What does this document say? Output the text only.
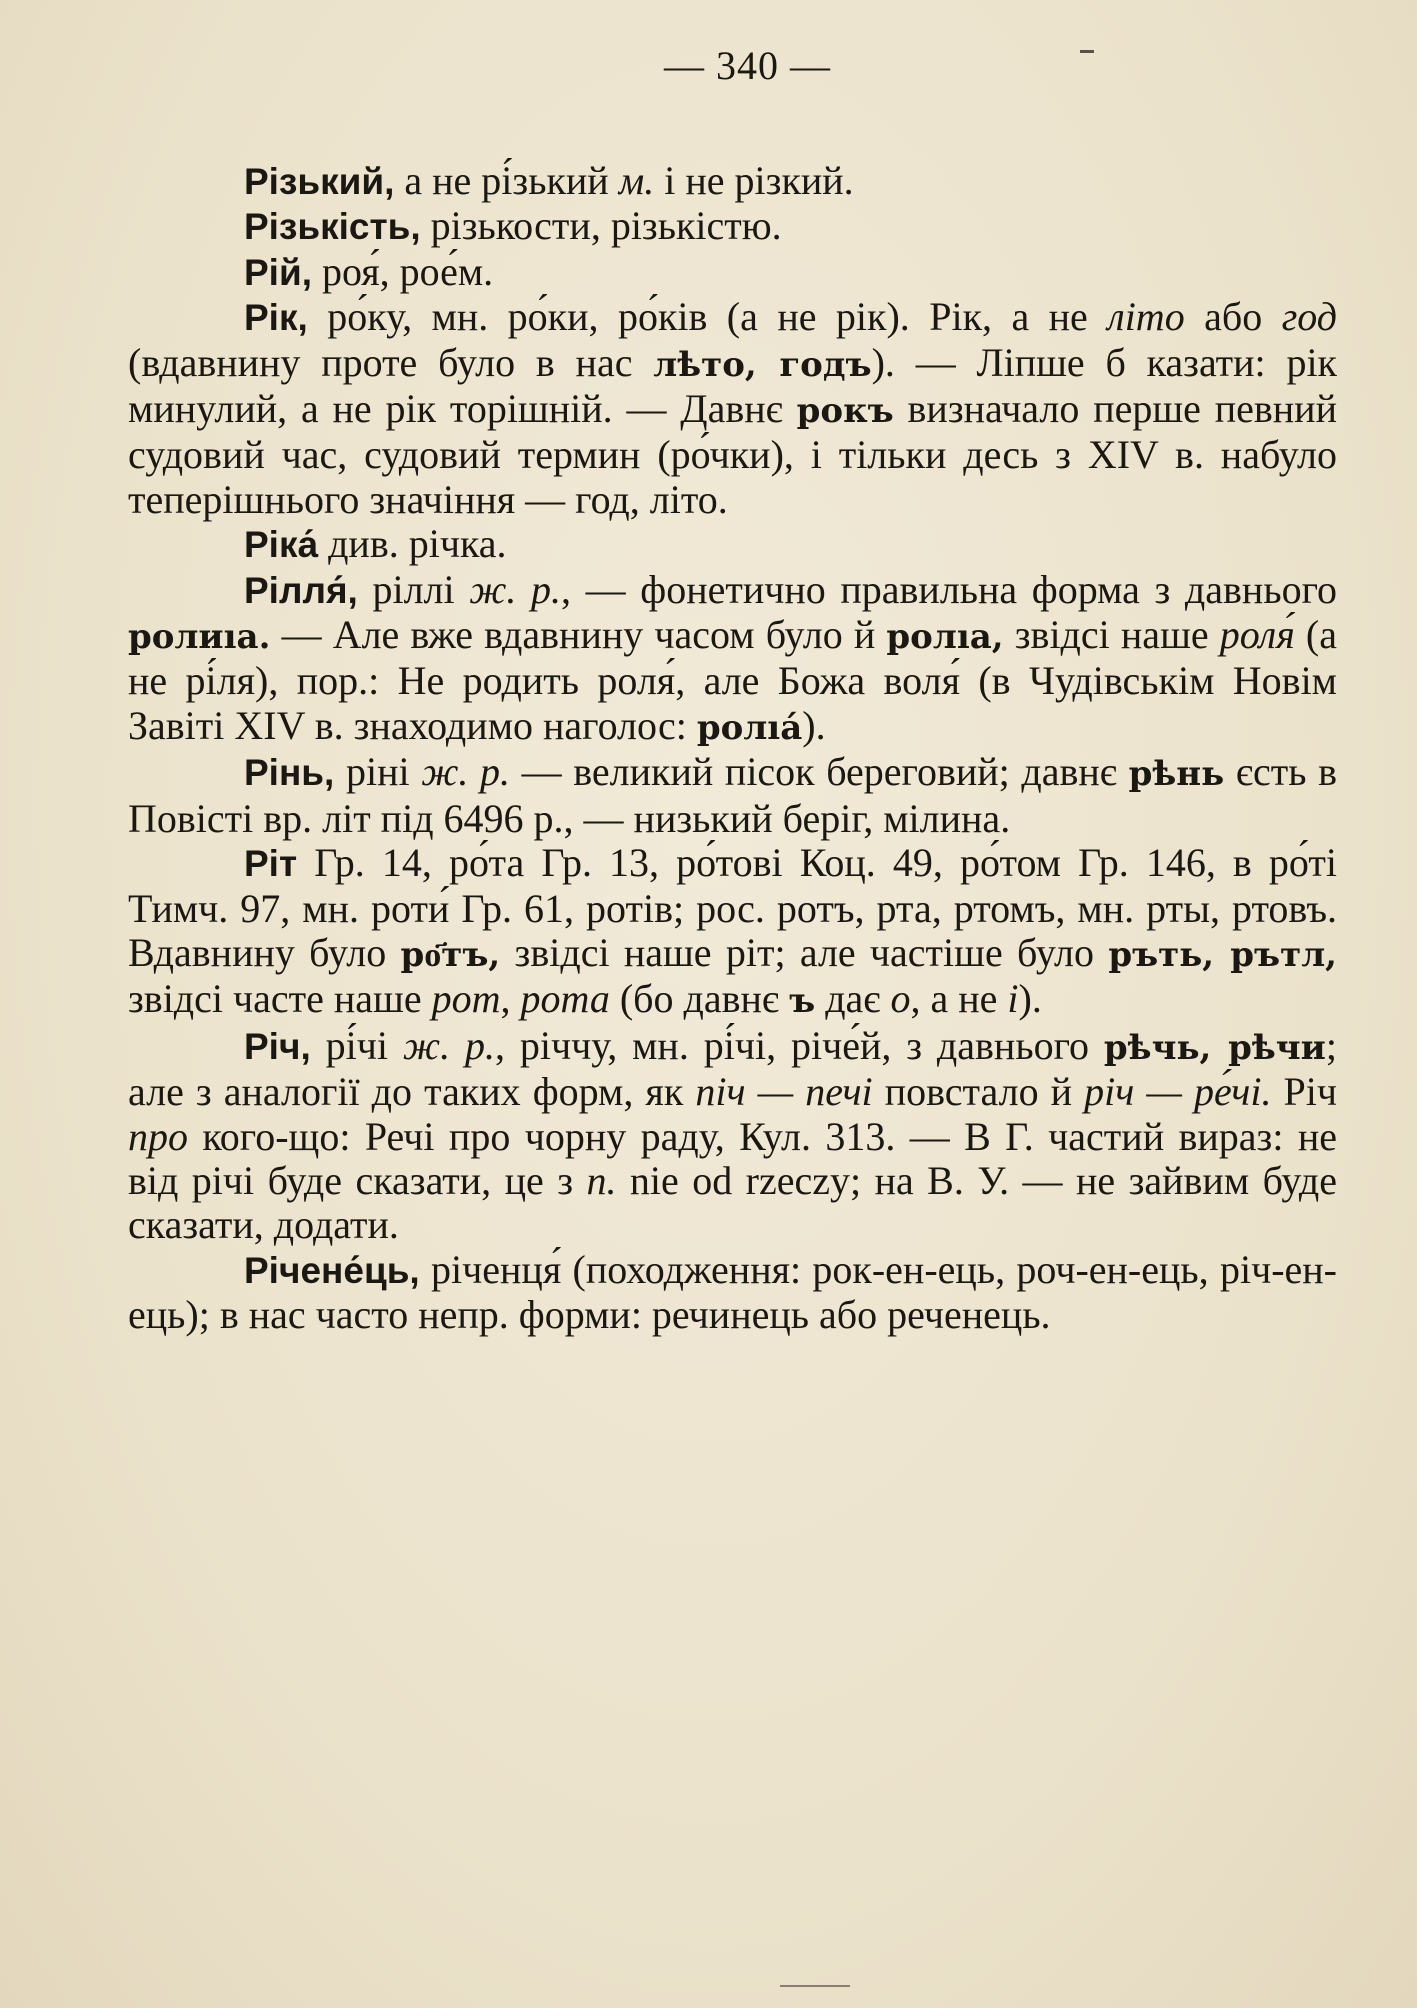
— 340 —

Різький, а не рі́зький м. і не різкий.

Різькість, різькости, різькістю.

Рій, роя́, рое́м.

Рік, ро́ку, мн. ро́ки, ро́ків (а не рік). Рік, а не літо або год (вдавнину проте було в нас лѣто, годъ). — Ліпше б казати: рік минулий, а не рік торішній. — Давнє рокъ визначало перше певний судовий час, судовий термин (ро́чки), і тільки десь з XIV в. набуло теперішнього значіння — год, літо.

Ріка́ див. річка.

Рілля́, ріллі ж. р., — фонетично правильна форма з давнього ролиıа. — Але вже вдавнину часом було й ролıа, звідсі наше роля́ (а не рі́ля), пор.: Не родить роля́, але Божа воля́ (в Чудівськім Новім Завіті XIV в. знаходимо наголос: ролıа́).

Рінь, ріні ж. р. — великий пісок береговий; давнє рѣнь єсть в Повісті вр. літ під 6496 р., — низький беріг, мілина.

Ріт Гр. 14, ро́та Гр. 13, ро́тові Коц. 49, ро́том Гр. 146, в ро́ті Тимч. 97, мн. роти́ Гр. 61, ротів; рос. ротъ, рта, ртомъ, мн. рты, ртовъ. Вдавнину було ро҃тъ, звідсі наше ріт; але частіше було ръть, рътл, звідсі часте наше рот, рота (бо давнє ъ дає о, а не і).

Річ, рі́чі ж. р., річчу, мн. рі́чі, річе́й, з давнього рѣчь, рѣчи; але з аналогії до таких форм, як піч — печі повстало й річ — ре́чі. Річ про кого-що: Речі про чорну раду, Кул. 313. — В Г. частий вираз: не від річі буде сказати, це з п. nie od rzeczy; на В. У. — не зайвим буде сказати, додати.

Річене́ць, річенця́ (походження: рок-ен-ець, роч-ен-ець, річ-ен-ець); в нас часто непр. форми: речинець або реченець.
